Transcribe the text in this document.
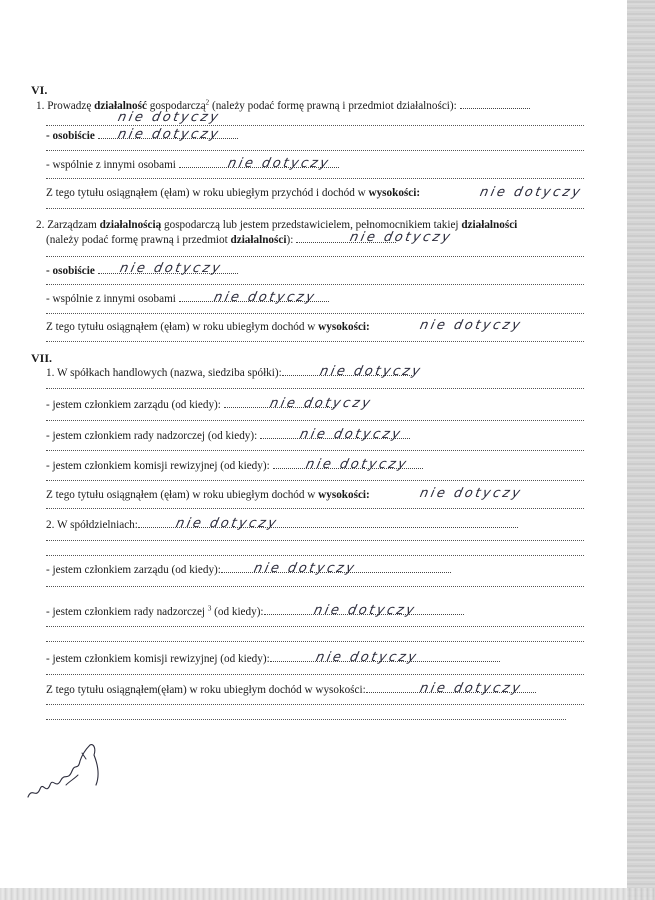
VI.
1. Prowadzę działalność gospodarczą$^2$ (należy podać formę prawną i przedmiot działalności):
nie dotyczy
- osobiście	nie dotyczy
- wspólnie z innymi osobami	nie dotyczy
Z tego tytułu osiągnąłem (ęłam) w roku ubiegłym przychód i dochód w wysokości:	nie dotyczy
2. Zarządzam działalnością gospodarczą lub jestem przedstawicielem, pełnomocnikiem takiej działalności
(należy podać formę prawną i przedmiot działalności):	nie dotyczy
- osobiście	nie dotyczy
- wspólnie z innymi osobami	nie dotyczy
Z tego tytułu osiągnąłem (ęłam) w roku ubiegłym dochód w wysokości:	nie dotyczy
VII.
1. W spółkach handlowych (nazwa, siedziba spółki):	nie dotyczy
- jestem członkiem zarządu (od kiedy):	nie dotyczy
- jestem członkiem rady nadzorczej (od kiedy):	nie dotyczy
- jestem członkiem komisji rewizyjnej (od kiedy):	nie dotyczy
Z tego tytułu osiągnąłem (ęłam) w roku ubiegłym dochód w wysokości:	nie dotyczy
2. W spółdzielniach:	nie dotyczy
- jestem członkiem zarządu (od kiedy):	nie dotyczy
- jestem członkiem rady nadzorczej $^3$ (od kiedy):	nie dotyczy
- jestem członkiem komisji rewizyjnej (od kiedy):	nie dotyczy
Z tego tytułu osiągnąłem(ęłam) w roku ubiegłym dochód w wysokości:	nie dotyczy
